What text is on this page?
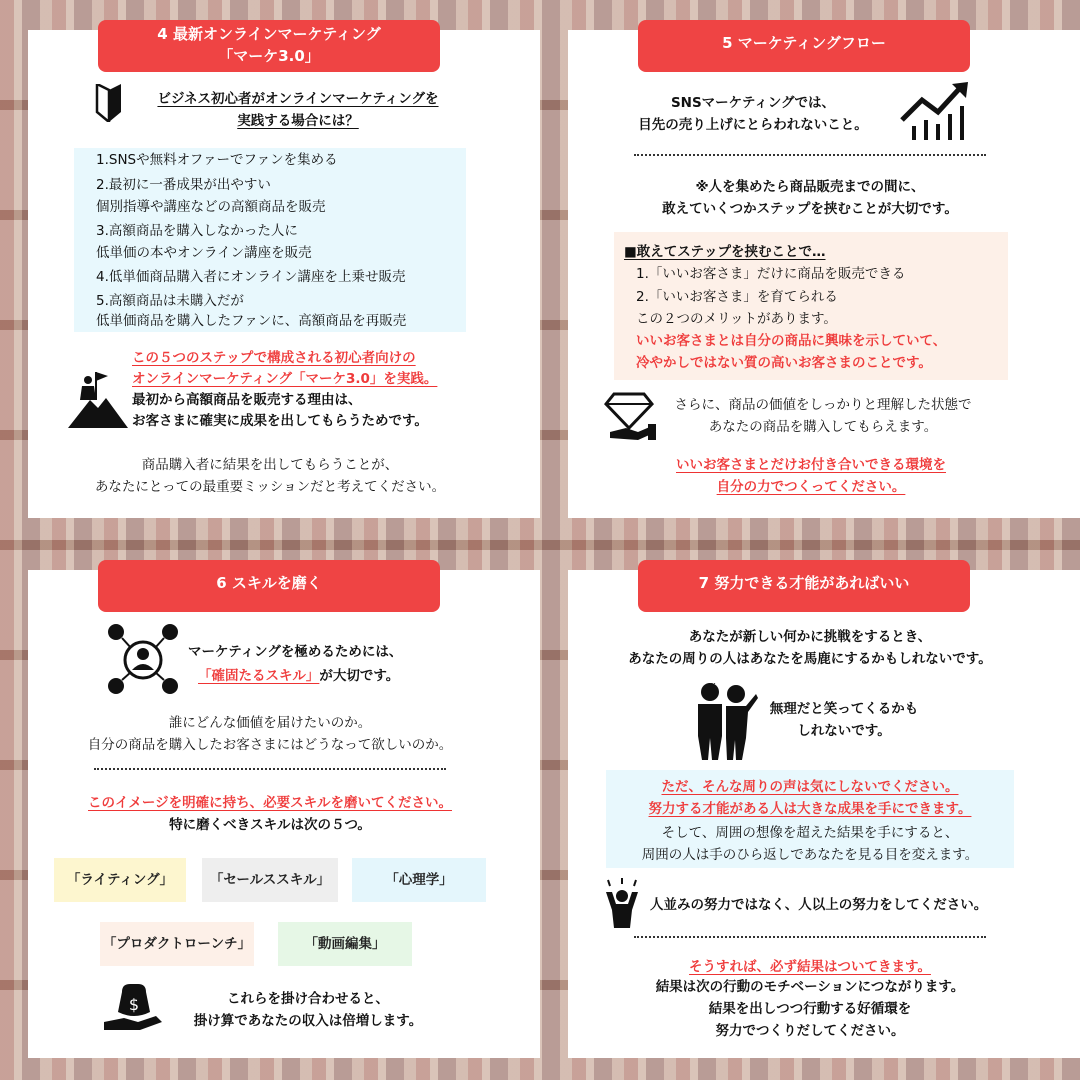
4 最新オンラインマーケティング
「マーケ3.0」
ビジネス初心者がオンラインマーケティングを
実践する場合には？
1.SNSや無料オファーでファンを集める
2.最初に一番成果が出やすい
個別指導や講座などの高額商品を販売
3.高額商品を購入しなかった人に
低単価の本やオンライン講座を販売
4.低単価商品購入者にオンライン講座を上乗せ販売
5.高額商品は未購入だが
低単価商品を購入したファンに、高額商品を再販売
この５つのステップで構成される初心者向けの
オンラインマーケティング「マーケ3.0」を実践。
最初から高額商品を販売する理由は、
お客さまに確実に成果を出してもらうためです。
商品購入者に結果を出してもらうことが、
あなたにとっての最重要ミッションだと考えてください。
5 マーケティングフロー
SNSマーケティングでは、
目先の売り上げにとらわれないこと。
※人を集めたら商品販売までの間に、
敢えていくつかステップを挟むことが大切です。
■敢えてステップを挟むことで…
1.「いいお客さま」だけに商品を販売できる
2.「いいお客さま」を育てられる
この２つのメリットがあります。
いいお客さまとは自分の商品に興味を示していて、
冷やかしではない質の高いお客さまのことです。
さらに、商品の価値をしっかりと理解した状態で
あなたの商品を購入してもらえます。
いいお客さまとだけお付き合いできる環境を
自分の力でつくってください。
6 スキルを磨く
マーケティングを極めるためには、
「確固たるスキル」が大切です。
誰にどんな価値を届けたいのか。
自分の商品を購入したお客さまにはどうなって欲しいのか。
このイメージを明確に持ち、必要スキルを磨いてください。
特に磨くべきスキルは次の５つ。
「ライティング」	「セールススキル」	「心理学」
「プロダクトローンチ」	「動画編集」
$	これらを掛け合わせると、
掛け算であなたの収入は倍増します。
7 努力できる才能があればいい
あなたが新しい何かに挑戦をするとき、
あなたの周りの人はあなたを馬鹿にするかもしれないです。
…
無理だと笑ってくるかも
しれないです。
ただ、そんな周りの声は気にしないでください。
努力する才能がある人は大きな成果を手にできます。
そして、周囲の想像を超えた結果を手にすると、
周囲の人は手のひら返しであなたを見る目を変えます。
人並みの努力ではなく、人以上の努力をしてください。
そうすれば、必ず結果はついてきます。
結果は次の行動のモチベーションにつながります。
結果を出しつつ行動する好循環を
努力でつくりだしてください。
